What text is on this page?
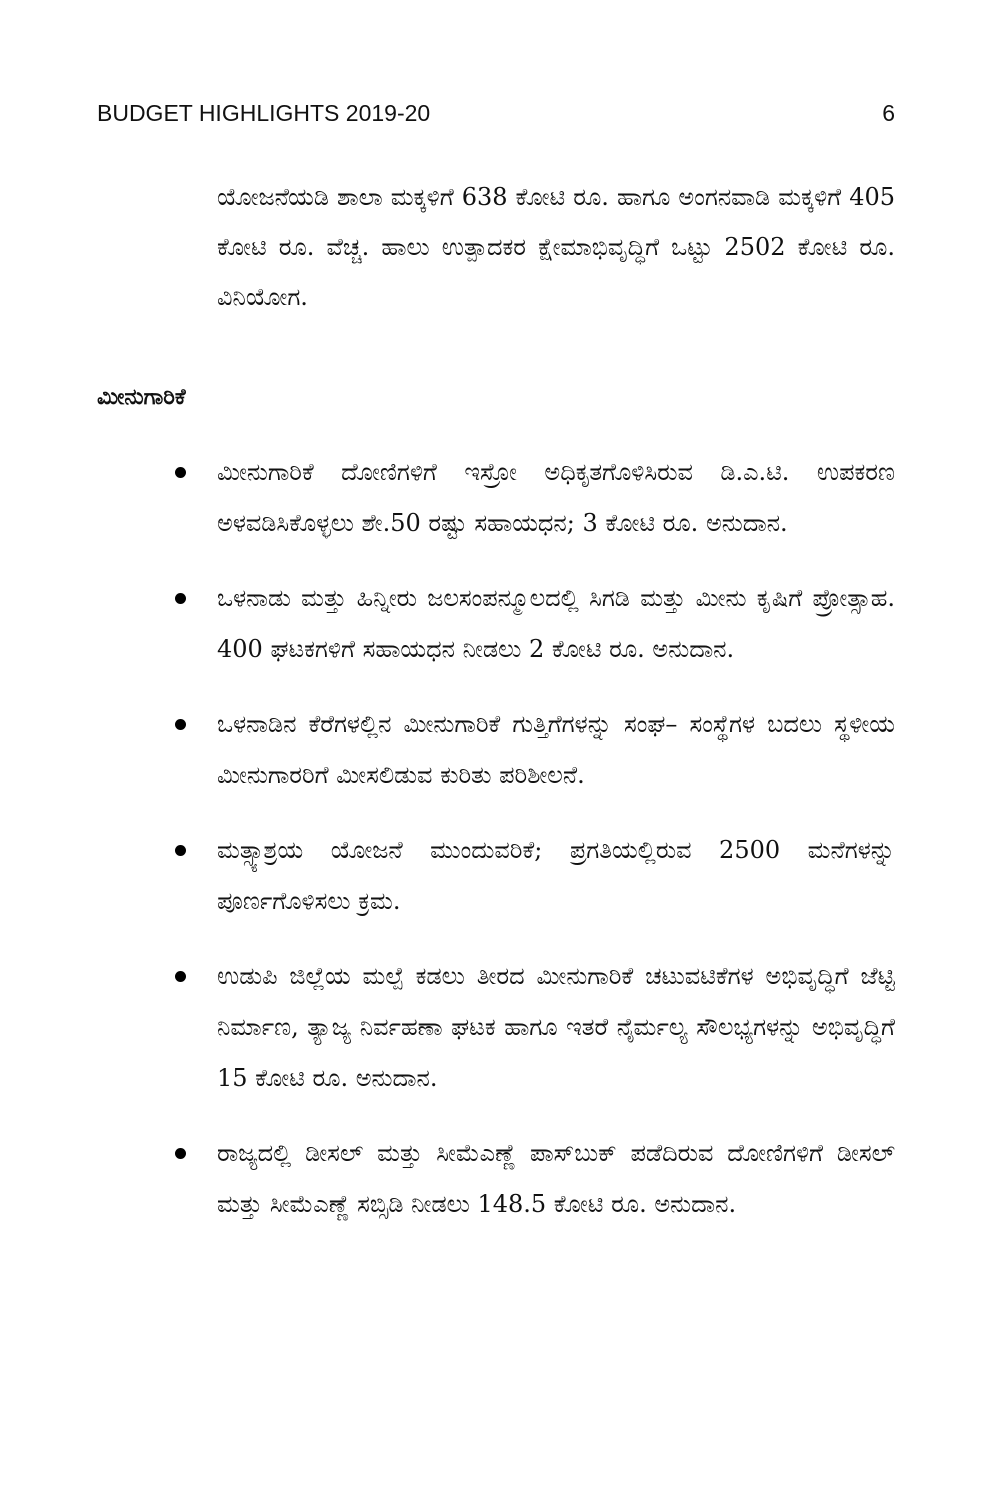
BUDGET HIGHLIGHTS 2019-20	6

ಯೋಜನೆಯಡಿ ಶಾಲಾ ಮಕ್ಕಳಿಗೆ 638 ಕೋಟಿ ರೂ. ಹಾಗೂ ಅಂಗನವಾಡಿ ಮಕ್ಕಳಿಗೆ 405 ಕೋಟಿ ರೂ. ವೆಚ್ಚ. ಹಾಲು ಉತ್ಪಾದಕರ ಕ್ಷೇಮಾಭಿವೃದ್ಧಿಗೆ ಒಟ್ಟು 2502 ಕೋಟಿ ರೂ. ವಿನಿಯೋಗ.

ಮೀನುಗಾರಿಕೆ
ಮೀನುಗಾರಿಕೆ ದೋಣಿಗಳಿಗೆ ಇಸ್ರೋ ಅಧಿಕೃತಗೊಳಿಸಿರುವ ಡಿ.ಎ.ಟಿ. ಉಪಕರಣ ಅಳವಡಿಸಿಕೊಳ್ಳಲು ಶೇ.50 ರಷ್ಟು ಸಹಾಯಧನ; 3 ಕೋಟಿ ರೂ. ಅನುದಾನ.
ಒಳನಾಡು ಮತ್ತು ಹಿನ್ನೀರು ಜಲಸಂಪನ್ಮೂಲದಲ್ಲಿ ಸಿಗಡಿ ಮತ್ತು ಮೀನು ಕೃಷಿಗೆ ಪ್ರೋತ್ಸಾಹ. 400 ಘಟಕಗಳಿಗೆ ಸಹಾಯಧನ ನೀಡಲು 2 ಕೋಟಿ ರೂ. ಅನುದಾನ.
ಒಳನಾಡಿನ ಕೆರೆಗಳಲ್ಲಿನ ಮೀನುಗಾರಿಕೆ ಗುತ್ತಿಗೆಗಳನ್ನು ಸಂಘ– ಸಂಸ್ಥೆಗಳ ಬದಲು ಸ್ಥಳೀಯ ಮೀನುಗಾರರಿಗೆ ಮೀಸಲಿಡುವ ಕುರಿತು ಪರಿಶೀಲನೆ.
ಮತ್ಸ್ಯಾಶ್ರಯ ಯೋಜನೆ ಮುಂದುವರಿಕೆ; ಪ್ರಗತಿಯಲ್ಲಿರುವ 2500 ಮನೆಗಳನ್ನು ಪೂರ್ಣಗೊಳಿಸಲು ಕ್ರಮ.
ಉಡುಪಿ ಜಿಲ್ಲೆಯ ಮಲ್ಪೆ ಕಡಲು ತೀರದ ಮೀನುಗಾರಿಕೆ ಚಟುವಟಿಕೆಗಳ ಅಭಿವೃದ್ಧಿಗೆ ಜೆಟ್ಟಿ ನಿರ್ಮಾಣ, ತ್ಯಾಜ್ಯ ನಿರ್ವಹಣಾ ಘಟಕ ಹಾಗೂ ಇತರೆ ನೈರ್ಮಲ್ಯ ಸೌಲಭ್ಯಗಳನ್ನು ಅಭಿವೃದ್ಧಿಗೆ 15 ಕೋಟಿ ರೂ. ಅನುದಾನ.
ರಾಜ್ಯದಲ್ಲಿ ಡೀಸಲ್ ಮತ್ತು ಸೀಮೆಎಣ್ಣೆ ಪಾಸ್‌ಬುಕ್ ಪಡೆದಿರುವ ದೋಣಿಗಳಿಗೆ ಡೀಸಲ್ ಮತ್ತು ಸೀಮೆಎಣ್ಣೆ ಸಬ್ಸಿಡಿ ನೀಡಲು 148.5 ಕೋಟಿ ರೂ. ಅನುದಾನ.
